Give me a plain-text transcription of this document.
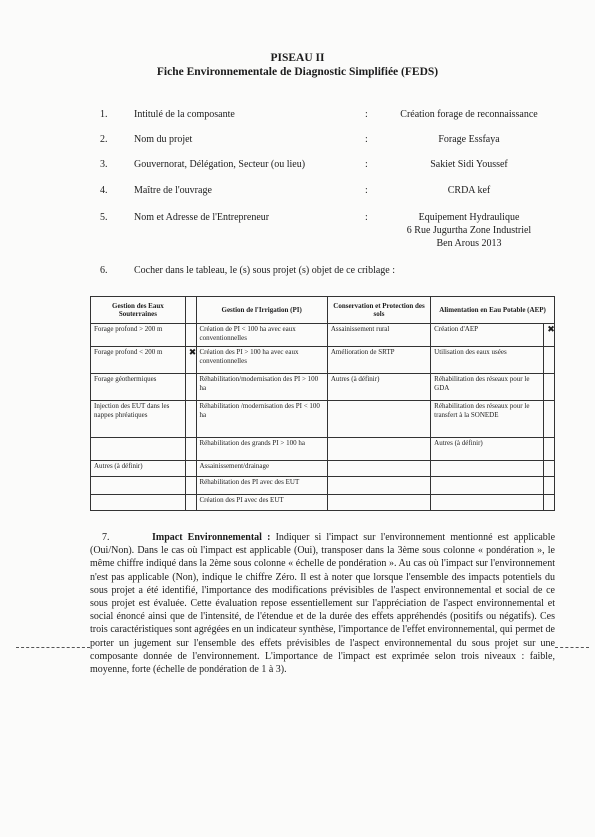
PISEAU II
Fiche Environnementale de Diagnostic Simplifiée (FEDS)
1.	Intitulé de la composante	:	Création forage de reconnaissance
2.	Nom du projet	:	Forage Essfaya
3.	Gouvernorat, Délégation, Secteur (ou lieu)	:	Sakiet Sidi Youssef
4.	Maître de l'ouvrage	:	CRDA kef
5.	Nom et Adresse de l'Entrepreneur	:	Equipement Hydraulique
6 Rue Jugurtha Zone Industriel
Ben Arous 2013
6.	Cocher dans le tableau, le (s) sous projet (s) objet de ce criblage :
Gestion des Eaux Souterraines		Gestion de l'Irrigation (PI)	Conservation et Protection des sols	Alimentation en Eau Potable (AEP)	
Forage profond > 200 m		Création de PI < 100 ha avec eaux conventionnelles	Assainissement rural	Création d'AEP	✖
Forage profond < 200 m	✖	Création des PI > 100 ha avec eaux conventionnelles	Amélioration de SRTP	Utilisation des eaux usées	
Forage géothermiques		Réhabilitation/modernisation des PI > 100 ha	Autres (à définir)	Réhabilitation des réseaux pour le GDA	
Injection des EUT dans les nappes phréatiques		Réhabilitation /modernisation des PI < 100 ha		Réhabilitation des réseaux pour le transfert à la SONEDE	
		Réhabilitation des grands PI > 100 ha		Autres (à définir)	
Autres (à définir)		Assainissement/drainage			
		Réhabilitation des PI avec des EUT			
		Création des PI avec des EUT			
7.	Impact Environnemental : Indiquer si l'impact sur l'environnement mentionné est applicable (Oui/Non). Dans le cas où l'impact est applicable (Oui), transposer dans la 3ème sous colonne « pondération », le même chiffre indiqué dans la 2ème sous colonne « échelle de pondération ». Au cas où l'impact sur l'environnement n'est pas applicable (Non), indique le chiffre Zéro. Il est à noter que lorsque l'ensemble des impacts potentiels du sous projet a été identifié, l'importance des modifications prévisibles de l'aspect environnemental et social de ce sous projet est évaluée. Cette évaluation repose essentiellement sur l'appréciation de l'aspect environnemental et social énoncé ainsi que de l'intensité, de l'étendue et de la durée des effets appréhendés (positifs ou négatifs). Ces trois caractéristiques sont agrégées en un indicateur synthèse, l'importance de l'effet environnemental, qui permet de porter un jugement sur l'ensemble des effets prévisibles de l'aspect environnemental du sous projet sur une composante donnée de l'environnement. L'importance de l'impact est exprimée selon trois niveaux : faible, moyenne, forte (échelle de pondération de 1 à 3).
